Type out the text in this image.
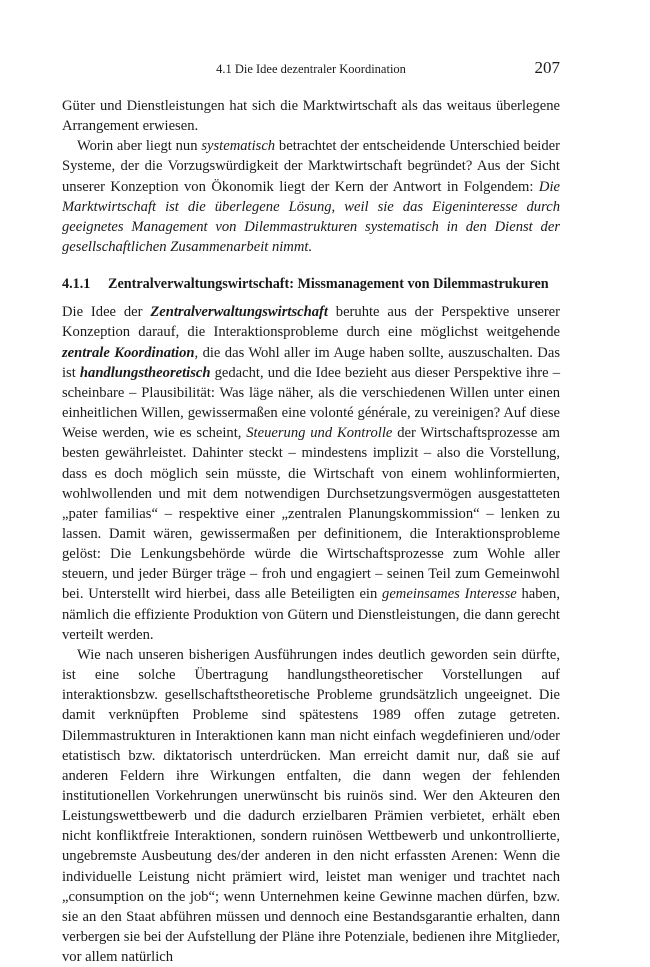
4.1 Die Idee dezentraler Koordination	207

Güter und Dienstleistungen hat sich die Marktwirtschaft als das weitaus überlegene Arrangement erwiesen.

Worin aber liegt nun systematisch betrachtet der entscheidende Unterschied beider Systeme, der die Vorzugswürdigkeit der Marktwirtschaft begründet? Aus der Sicht unserer Konzeption von Ökonomik liegt der Kern der Antwort in Folgendem: Die Marktwirtschaft ist die überlegene Lösung, weil sie das Eigeninteresse durch geeignetes Management von Dilemmastrukturen systematisch in den Dienst der gesellschaftlichen Zusammenarbeit nimmt.

4.1.1 Zentralverwaltungswirtschaft: Missmanagement von Dilemmastrukuren

Die Idee der Zentralverwaltungswirtschaft beruhte aus der Perspektive unserer Konzeption darauf, die Interaktionsprobleme durch eine möglichst weitgehende zentrale Koordination, die das Wohl aller im Auge haben sollte, auszuschalten. Das ist handlungstheoretisch gedacht, und die Idee bezieht aus dieser Perspektive ihre – scheinbare – Plausibilität: Was läge näher, als die verschiedenen Willen unter einen einheitlichen Willen, gewissermaßen eine volonté générale, zu vereinigen? Auf diese Weise werden, wie es scheint, Steuerung und Kontrolle der Wirtschaftsprozesse am besten gewährleistet. Dahinter steckt – mindestens implizit – also die Vorstellung, dass es doch möglich sein müsste, die Wirtschaft von einem wohlinformierten, wohlwollenden und mit dem notwendigen Durchsetzungsvermögen ausgestatteten „pater familias“ – respektive einer „zentralen Planungskommission“ – lenken zu lassen. Damit wären, gewissermaßen per definitionem, die Interaktionsprobleme gelöst: Die Lenkungsbehörde würde die Wirtschaftsprozesse zum Wohle aller steuern, und jeder Bürger träge – froh und engagiert – seinen Teil zum Gemeinwohl bei. Unterstellt wird hierbei, dass alle Beteiligten ein gemeinsames Interesse haben, nämlich die effiziente Produktion von Gütern und Dienstleistungen, die dann gerecht verteilt werden.

Wie nach unseren bisherigen Ausführungen indes deutlich geworden sein dürfte, ist eine solche Übertragung handlungstheoretischer Vorstellungen auf interaktionsbzw. gesellschaftstheoretische Probleme grundsätzlich ungeeignet. Die damit verknüpften Probleme sind spätestens 1989 offen zutage getreten. Dilemmastrukturen in Interaktionen kann man nicht einfach wegdefinieren und/oder etatistisch bzw. diktatorisch unterdrücken. Man erreicht damit nur, daß sie auf anderen Feldern ihre Wirkungen entfalten, die dann wegen der fehlenden institutionellen Vorkehrungen unerwünscht bis ruinös sind. Wer den Akteuren den Leistungswettbewerb und die dadurch erzielbaren Prämien verbietet, erhält eben nicht konfliktfreie Interaktionen, sondern ruinösen Wettbewerb und unkontrollierte, ungebremste Ausbeutung des/der anderen in den nicht erfassten Arenen: Wenn die individuelle Leistung nicht prämiert wird, leistet man weniger und trachtet nach „consumption on the job“; wenn Unternehmen keine Gewinne machen dürfen, bzw. sie an den Staat abführen müssen und dennoch eine Bestandsgarantie erhalten, dann verbergen sie bei der Aufstellung der Pläne ihre Potenziale, bedienen ihre Mitglieder, vor allem natürlich
